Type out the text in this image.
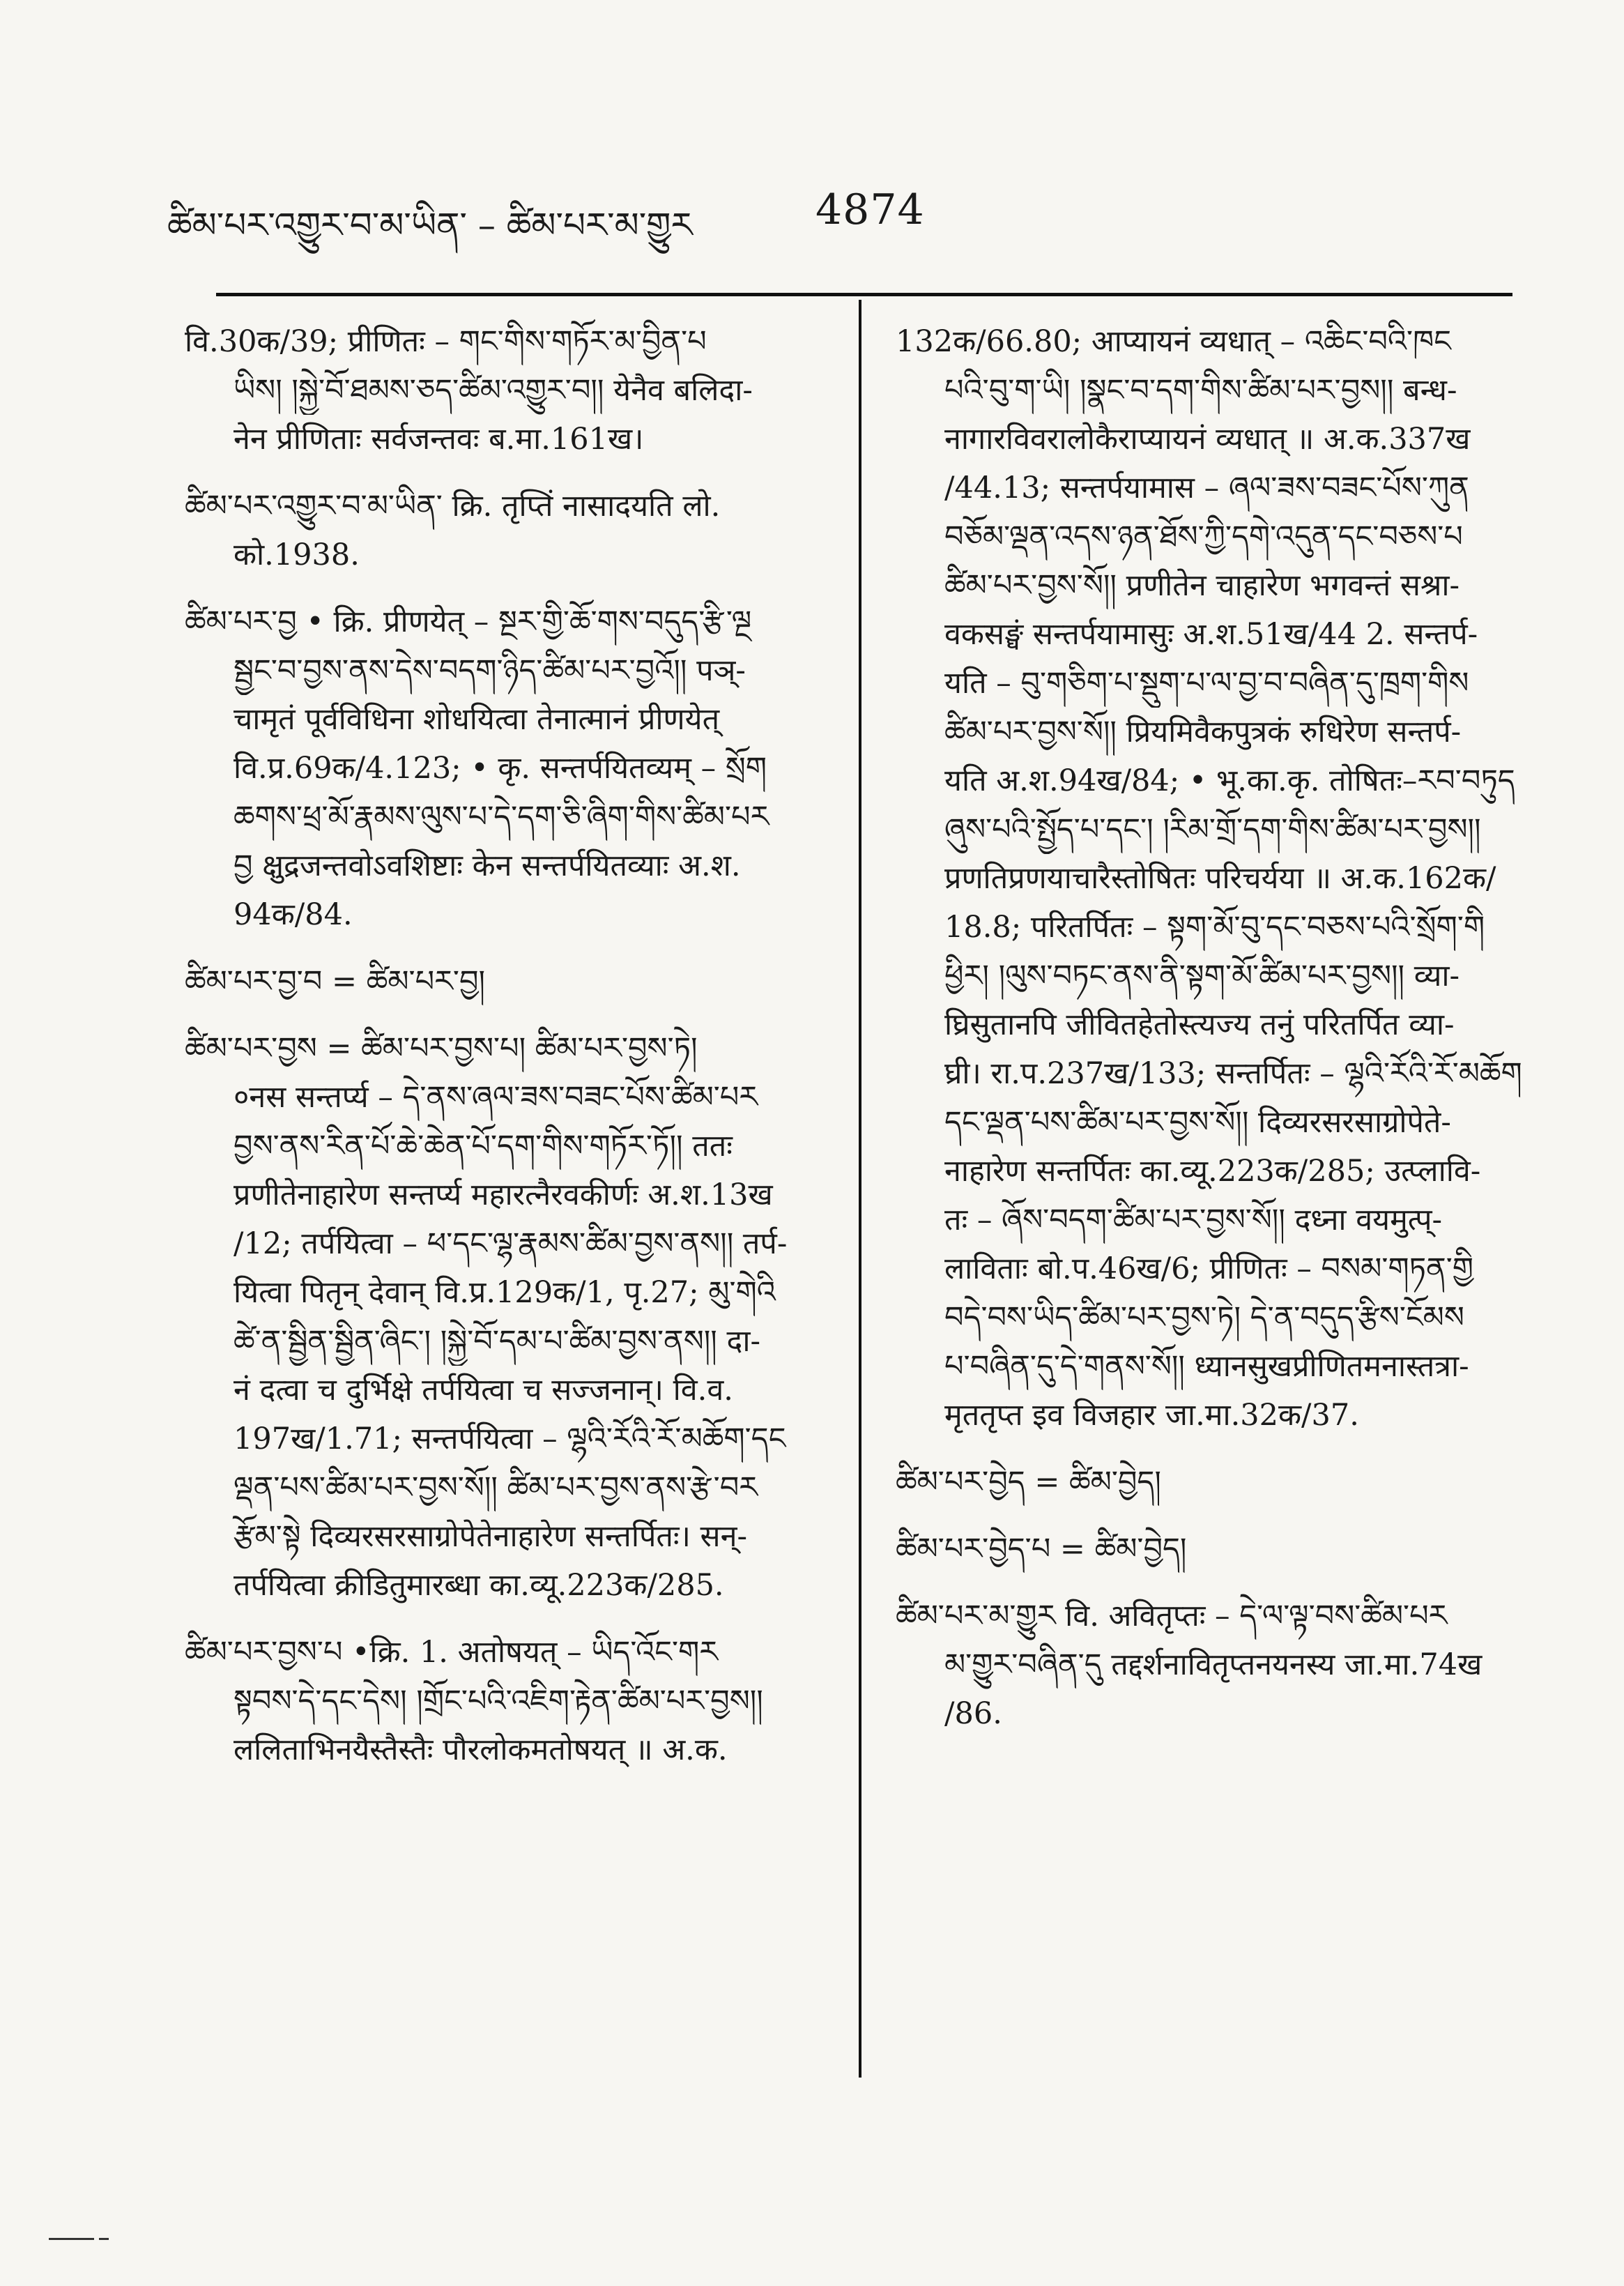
ཚིམ་པར་འགྱུར་བ་མ་ཡིན་ – ཚིམ་པར་མ་གྱུར	4874
वि.30क/39; प्रीणितः – གང་གིས་གཏོར་མ་བྱིན་པ
ཡིས། །སྐྱེ་བོ་ཐམས་ཅད་ཚིམ་འགྱུར་བ།། येनैव बलिदा-
नेन प्रीणिताः सर्वजन्तवः ब.मा.161ख।
ཚིམ་པར་འགྱུར་བ་མ་ཡིན་ क्रि. तृप्तिं नासादयति लो.
को.1938.
ཚིམ་པར་བྱ • क्रि. प्रीणयेत् – སྔར་གྱི་ཆོ་གས་བདུད་རྩི་ལྔ
སྦྱང་བ་བྱས་ནས་དེས་བདག་ཉིད་ཚིམ་པར་བྱའོ།། पञ्-
चामृतं पूर्वविधिना शोधयित्वा तेनात्मानं प्रीणयेत्
वि.प्र.69क/4.123; • कृ. सन्तर्पयितव्यम् – སྲོག
ཆགས་ཕྲ་མོ་རྣམས་ལུས་པ་དེ་དག་ཅི་ཞིག་གིས་ཚིམ་པར
བྱ क्षुद्रजन्तवोऽवशिष्टाः केन सन्तर्पयितव्याः अ.श.
94क/84.
ཚིམ་པར་བྱ་བ = ཚིམ་པར་བྱ།
ཚིམ་པར་བྱས = ཚིམ་པར་བྱས་པ། ཚིམ་པར་བྱས་ཏེ།
०नस सन्तर्प्य – དེ་ནས་ཞལ་ཟས་བཟང་པོས་ཚིམ་པར
བྱས་ནས་རིན་པོ་ཆེ་ཆེན་པོ་དག་གིས་གཏོར་ཏོ།། ततः
प्रणीतेनाहारेण सन्तर्प्य महारत्नैरवकीर्णः अ.श.13ख
/12; तर्पयित्वा – ཕ་དང་ལྷ་རྣམས་ཚིམ་བྱས་ནས།། तर्प-
यित्वा पितृन् देवान् वि.प्र.129क/1, पृ.27; མུ་གེའི
ཚེ་ན་སྦྱིན་སྦྱིན་ཞིང་། །སྐྱེ་བོ་དམ་པ་ཚིམ་བྱས་ནས།། दा-
नं दत्वा च दुर्भिक्षे तर्पयित्वा च सज्जनान्। वि.व.
197ख/1.71; सन्तर्पयित्वा – ལྷའི་རོའི་རོ་མཆོག་དང
ལྡན་པས་ཚིམ་པར་བྱས་སོ།། ཚིམ་པར་བྱས་ནས་རྩེ་བར
རྩོམ་སྟེ दिव्यरसरसाग्रोपेतेनाहारेण सन्तर्पितः। सन्-
तर्पयित्वा क्रीडितुमारब्धा का.व्यू.223क/285.
ཚིམ་པར་བྱས་པ •क्रि. 1. अतोषयत् – ཡིད་འོང་གར
སྟབས་དེ་དང་དེས། །གྲོང་པའི་འཇིག་རྟེན་ཚིམ་པར་བྱས།།
ललिताभिनयैस्तैस्तैः पौरलोकमतोषयत् ॥ अ.क.
132क/66.80; आप्यायनं व्यधात् – འཆིང་བའི་ཁང
པའི་བུ་ག་ཡི། །སྣང་བ་དག་གིས་ཚིམ་པར་བྱས།། बन्ध-
नागारविवरालोकैराप्यायनं व्यधात् ॥ अ.क.337ख
/44.13; सन्तर्पयामास – ཞལ་ཟས་བཟང་པོས་ཀུན
བཅོམ་ལྡན་འདས་ཉན་ཐོས་ཀྱི་དགེ་འདུན་དང་བཅས་པ
ཚིམ་པར་བྱས་སོ།། प्रणीतेन चाहारेण भगवन्तं सश्रा-
वकसङ्घं सन्तर्पयामासुः अ.श.51ख/44 2. सन्तर्प-
यति – བུ་གཅིག་པ་སྡུག་པ་ལ་བྱ་བ་བཞིན་དུ་ཁྲག་གིས
ཚིམ་པར་བྱས་སོ།། प्रियमिवैकपुत्रकं रुधिरेण सन्तर्प-
यति अ.श.94ख/84; • भू.का.कृ. तोषितः–རབ་བཏུད
ཞུས་པའི་སྤྱོད་པ་དང་། །རིམ་གྲོ་དག་གིས་ཚིམ་པར་བྱས།།
प्रणतिप्रणयाचारैस्तोषितः परिचर्यया ॥ अ.क.162क/
18.8; परितर्पितः – སྟག་མོ་བུ་དང་བཅས་པའི་སྲོག་གི
ཕྱིར། །ལུས་བཏང་ནས་ནི་སྟག་མོ་ཚིམ་པར་བྱས།། व्या-
घ्रिसुतानपि जीवितहेतोस्त्यज्य तनुं परितर्पित व्या-
घ्री। रा.प.237ख/133; सन्तर्पितः – ལྷའི་རོའི་རོ་མཆོག
དང་ལྡན་པས་ཚིམ་པར་བྱས་སོ།། दिव्यरसरसाग्रोपेते-
नाहारेण सन्तर्पितः का.व्यू.223क/285; उत्प्लावि-
तः – ཞོས་བདག་ཚིམ་པར་བྱས་སོ།། दध्ना वयमुत्प्-
लाविताः बो.प.46ख/6; प्रीणितः – བསམ་གཏན་གྱི
བདེ་བས་ཡིད་ཚིམ་པར་བྱས་ཏེ། དེ་ན་བདུད་རྩིས་ངོམས
པ་བཞིན་དུ་དེ་གནས་སོ།། ध्यानसुखप्रीणितमनास्तत्रा-
मृततृप्त इव विजहार जा.मा.32क/37.
ཚིམ་པར་བྱེད = ཚིམ་བྱེད།
ཚིམ་པར་བྱེད་པ = ཚིམ་བྱེད།
ཚིམ་པར་མ་གྱུར वि. अवितृप्तः – དེ་ལ་ལྟ་བས་ཚིམ་པར
མ་གྱུར་བཞིན་དུ तद्दर्शनावितृप्तनयनस्य जा.मा.74ख
/86.
